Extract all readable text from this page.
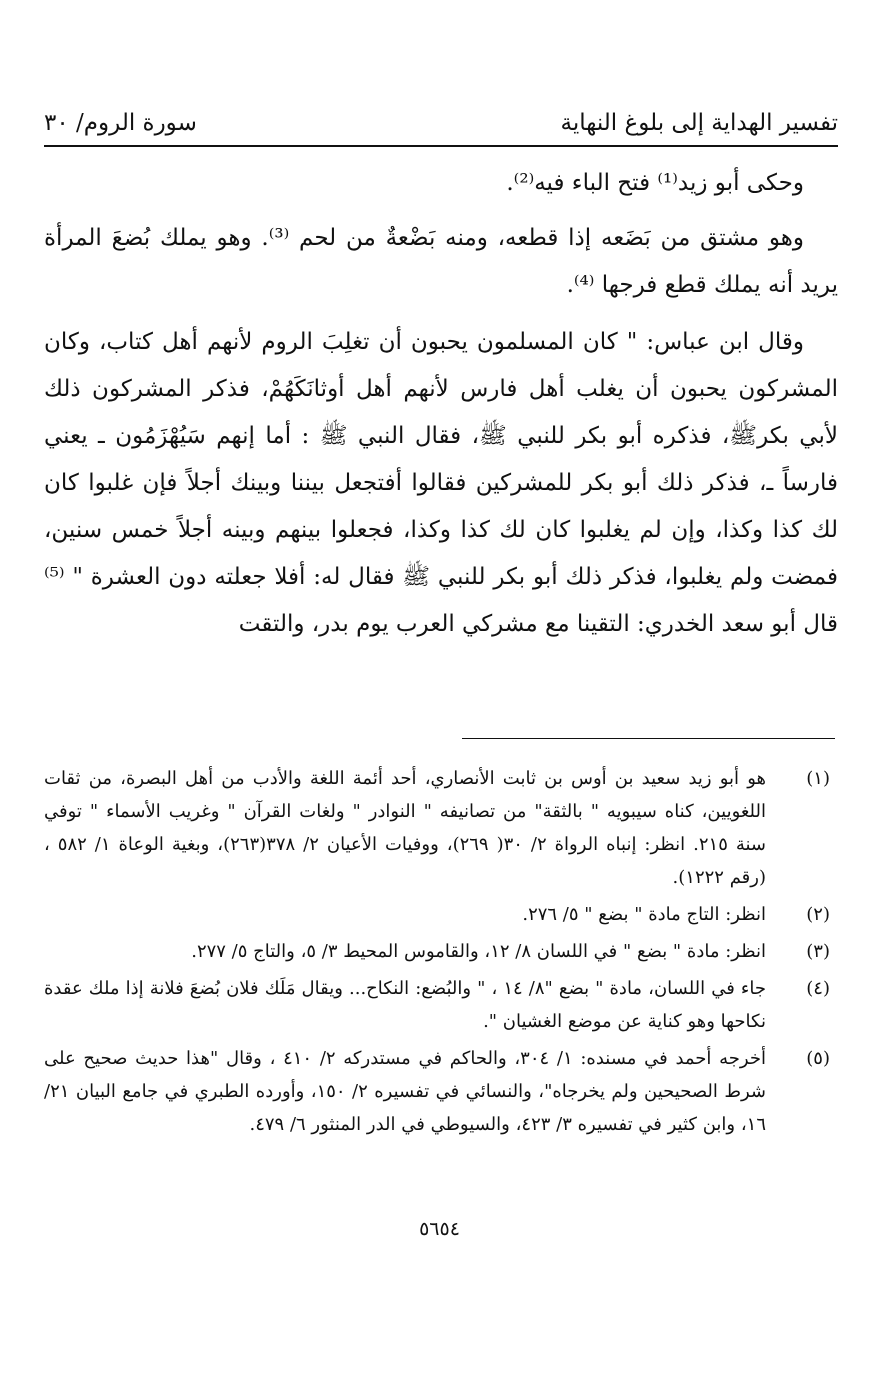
تفسير الهداية إلى بلوغ النهاية
سورة الروم/ ٣٠

وحكى أبو زيد⁽¹⁾ فتح الباء فيه⁽²⁾.

وهو مشتق من بَضَعه إذا قطعه، ومنه بَضْعةٌ من لحم ⁽³⁾. وهو يملك بُضعَ المرأة يريد أنه يملك قطع فرجها ⁽⁴⁾.

وقال ابن عباس: " كان المسلمون يحبون أن تغلِبَ الروم لأنهم أهل كتاب، وكان المشركون يحبون أن يغلب أهل فارس لأنهم أهل أوثانَكَهُمْ، فذكر المشركون ذلك لأبي بكرﷺ، فذكره أبو بكر للنبي ﷺ، فقال النبي ﷺ : أما إنهم سَيُهْزَمُون ـ يعني فارساً ـ، فذكر ذلك أبو بكر للمشركين فقالوا أفتجعل بيننا وبينك أجلاً فإن غلبوا كان لك كذا وكذا، وإن لم يغلبوا كان لك كذا وكذا، فجعلوا بينهم وبينه أجلاً خمس سنين، فمضت ولم يغلبوا، فذكر ذلك أبو بكر للنبي ﷺ فقال له: أفلا جعلته دون العشرة " ⁽⁵⁾ قال أبو سعد الخدري: التقينا مع مشركي العرب يوم بدر، والتقت

(١)
هو أبو زيد سعيد بن أوس بن ثابت الأنصاري، أحد أئمة اللغة والأدب من أهل البصرة، من ثقات اللغويين، كناه سيبويه " بالثقة" من تصانيفه " النوادر " ولغات القرآن " وغريب الأسماء " توفي سنة ٢١٥. انظر: إنباه الرواة ٢/ ٣٠( ٢٦٩)، ووفيات الأعيان ٢/ ٣٧٨(٢٦٣)، وبغية الوعاة ١/ ٥٨٢ ، (رقم ١٢٢٢).
(٢)
انظر: التاج مادة " بضع " ٥/ ٢٧٦.
(٣)
انظر: مادة " بضع " في اللسان ٨/ ١٢، والقاموس المحيط ٣/ ٥، والتاج ٥/ ٢٧٧.
(٤)
جاء في اللسان، مادة " بضع "٨/ ١٤ ، " والبُضع: النكاح... ويقال مَلَك فلان بُضعَ فلانة إذا ملك عقدة نكاحها وهو كناية عن موضع الغشيان ".
(٥)
أخرجه أحمد في مسنده: ١/ ٣٠٤، والحاكم في مستدركه ٢/ ٤١٠ ، وقال "هذا حديث صحيح على شرط الصحيحين ولم يخرجاه"، والنسائي في تفسيره ٢/ ١٥٠، وأورده الطبري في جامع البيان ٢١/ ١٦، وابن كثير في تفسيره ٣/ ٤٢٣، والسيوطي في الدر المنثور ٦/ ٤٧٩.
٥٦٥٤
